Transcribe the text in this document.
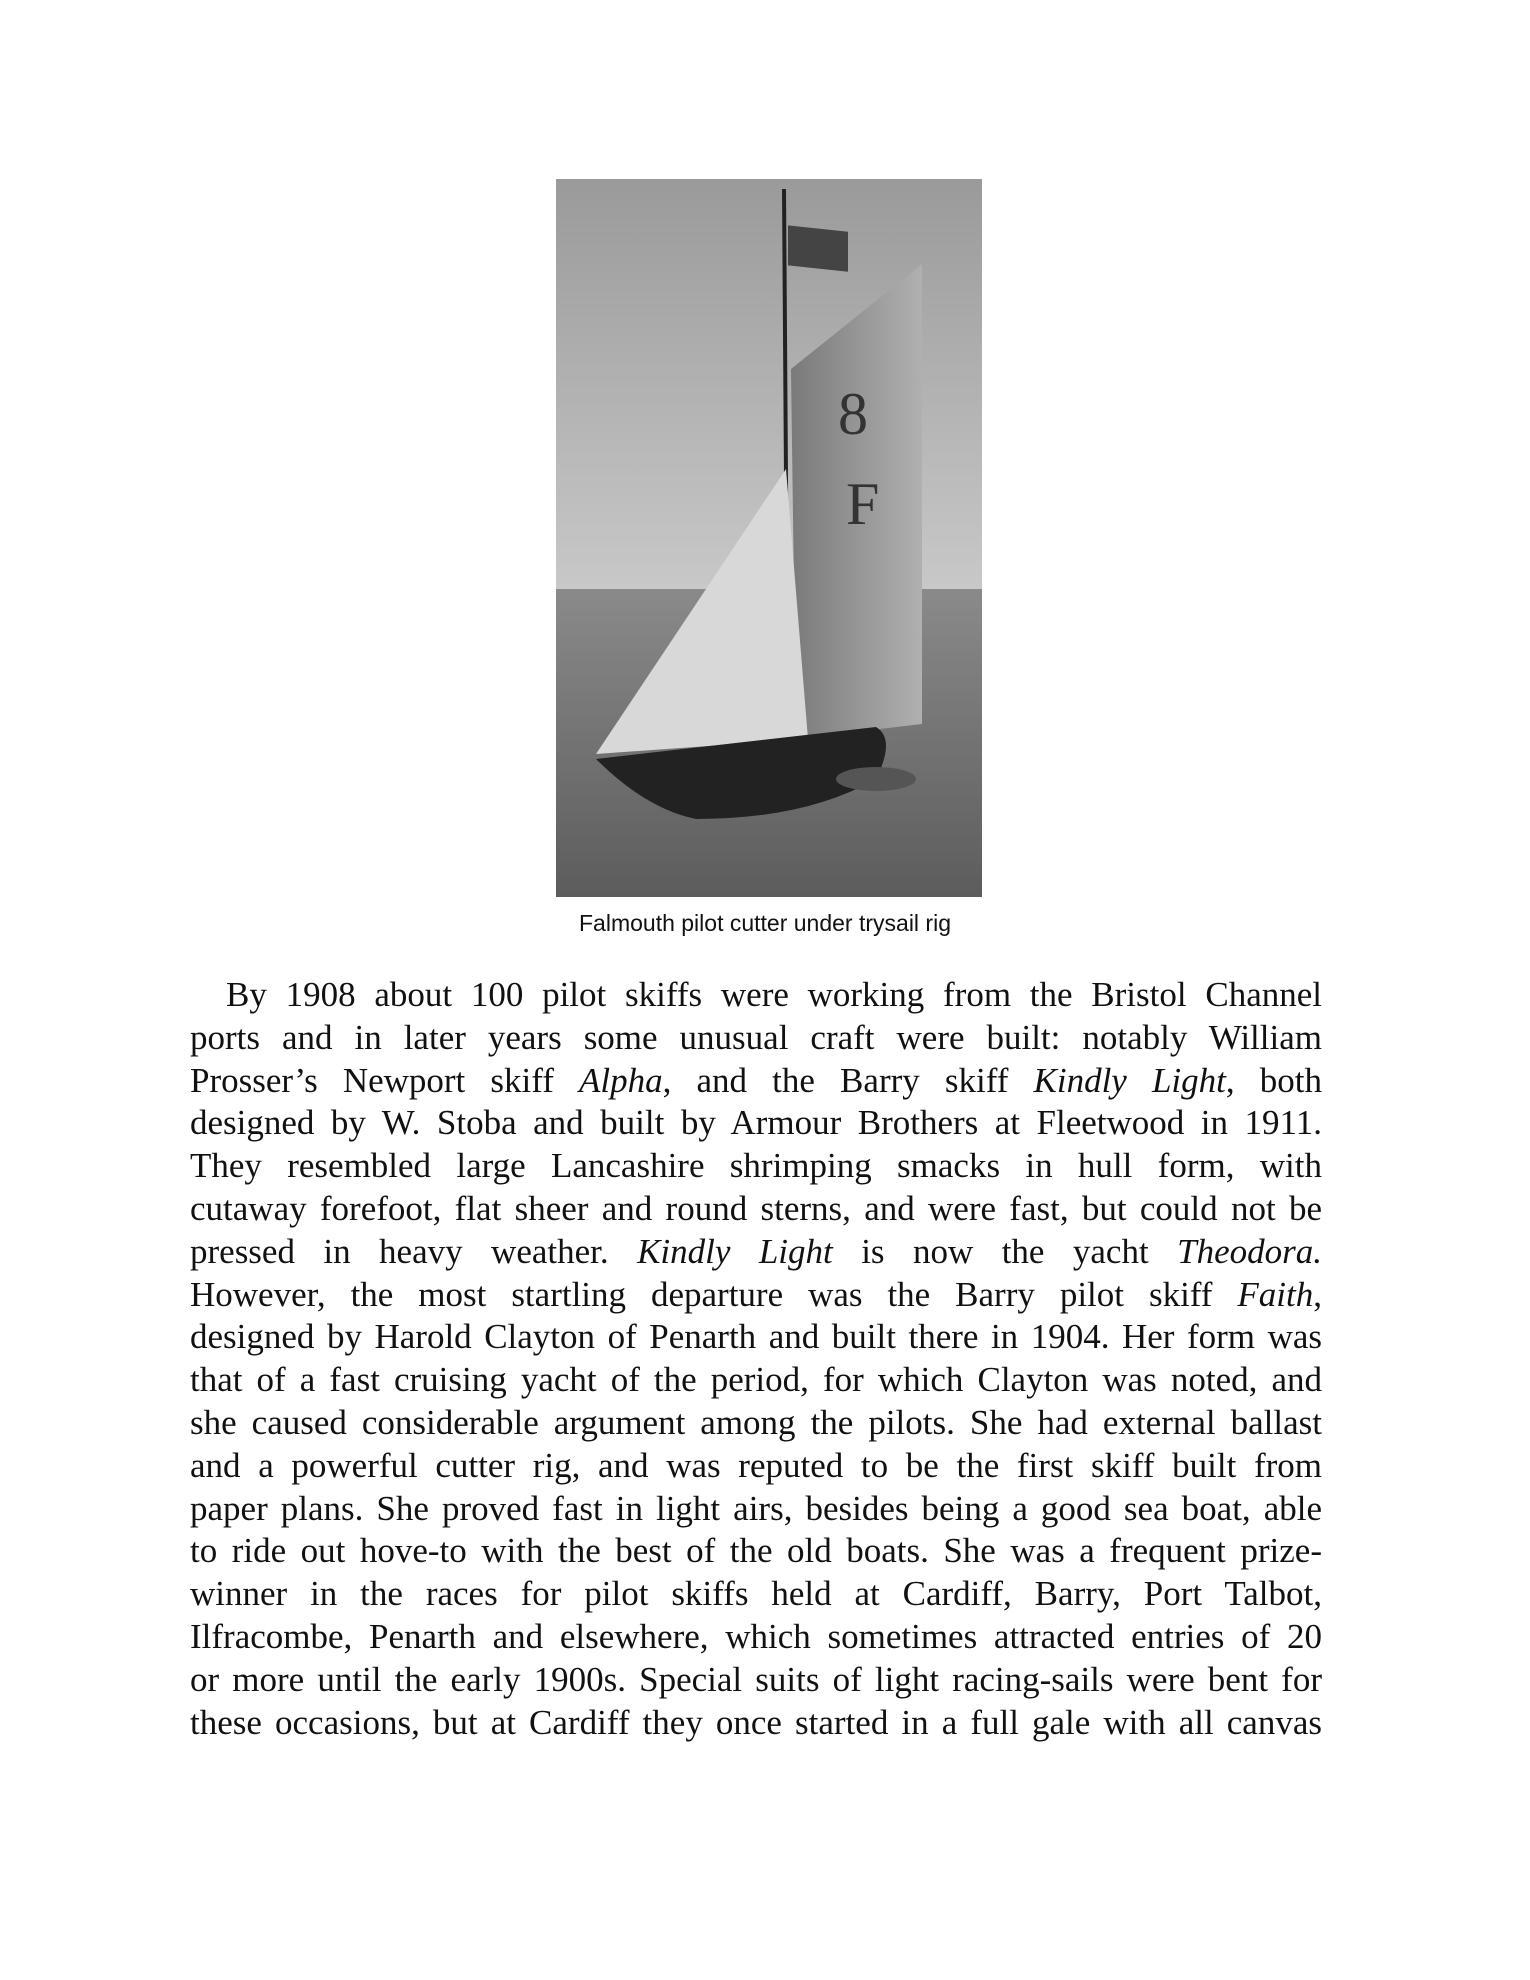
8
F
Falmouth pilot cutter under trysail rig
By 1908 about 100 pilot skiffs were working from the Bristol Channel
ports and in later years some unusual craft were built: notably William
Prosser’s Newport skiff Alpha, and the Barry skiff Kindly Light, both
designed by W. Stoba and built by Armour Brothers at Fleetwood in 1911.
They resembled large Lancashire shrimping smacks in hull form, with
cutaway forefoot, flat sheer and round sterns, and were fast, but could not be
pressed in heavy weather. Kindly Light is now the yacht Theodora.
However, the most startling departure was the Barry pilot skiff Faith,
designed by Harold Clayton of Penarth and built there in 1904. Her form was
that of a fast cruising yacht of the period, for which Clayton was noted, and
she caused considerable argument among the pilots. She had external ballast
and a powerful cutter rig, and was reputed to be the first skiff built from
paper plans. She proved fast in light airs, besides being a good sea boat, able
to ride out hove-to with the best of the old boats. She was a frequent prize-
winner in the races for pilot skiffs held at Cardiff, Barry, Port Talbot,
Ilfracombe, Penarth and elsewhere, which sometimes attracted entries of 20
or more until the early 1900s. Special suits of light racing-sails were bent for
these occasions, but at Cardiff they once started in a full gale with all canvas
